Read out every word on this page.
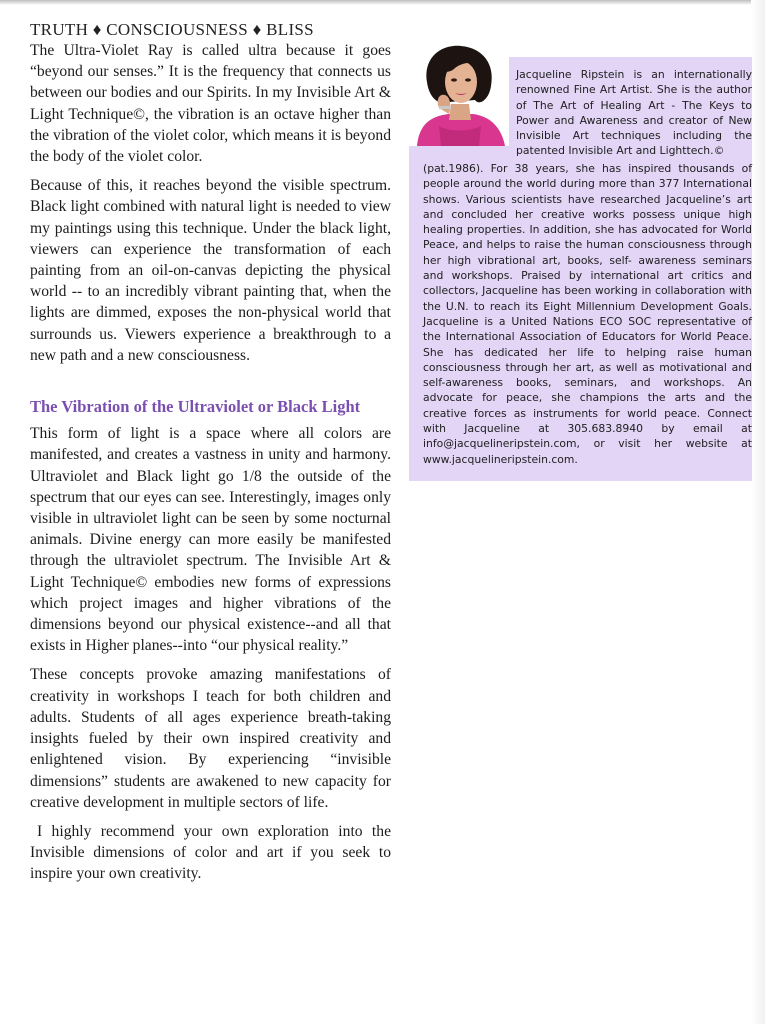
TRUTH ♦ CONSCIOUSNESS ♦ BLISS

The Ultra-Violet Ray is called ultra because it goes “beyond our senses.” It is the frequency that connects us between our bodies and our Spirits. In my Invisible Art & Light Technique©, the vibration is an octave higher than the vibration of the violet color, which means it is beyond the body of the violet color.

Because of this, it reaches beyond the visible spectrum. Black light combined with natural light is needed to view my paintings using this technique. Under the black light, viewers can experience the transformation of each painting from an oil-on-canvas depicting the physical world -- to an incredibly vibrant painting that, when the lights are dimmed, exposes the non-physical world that surrounds us. Viewers experience a breakthrough to a new path and a new consciousness.

The Vibration of the Ultraviolet or Black Light

This form of light is a space where all colors are manifested, and creates a vastness in unity and harmony. Ultraviolet and Black light go 1/8 the outside of the spectrum that our eyes can see. Interestingly, images only visible in ultraviolet light can be seen by some nocturnal animals. Divine energy can more easily be manifested through the ultraviolet spectrum. The Invisible Art & Light Technique© embodies new forms of expressions which project images and higher vibrations of the dimensions beyond our physical existence--and all that exists in Higher planes--into “our physical reality.”

These concepts provoke amazing manifestations of creativity in workshops I teach for both children and adults. Students of all ages experience breath-taking insights fueled by their own inspired creativity and enlightened vision. By experiencing “invisible dimensions” students are awakened to new capacity for creative development in multiple sectors of life.

I highly recommend your own exploration into the Invisible dimensions of color and art if you seek to inspire your own creativity.

Jacqueline Ripstein is an internationally renowned Fine Art Artist. She is the author of The Art of Healing Art - The Keys to Power and Awareness and creator of New Invisible Art techniques including the patented Invisible Art and Lighttech.©
(pat.1986). For 38 years, she has inspired thousands of people around the world during more than 377 International shows. Various scientists have researched Jacqueline’s art and concluded her creative works possess unique high healing properties. In addition, she has advocated for World Peace, and helps to raise the human consciousness through her high vibrational art, books, self- awareness seminars and workshops. Praised by international art critics and collectors, Jacqueline has been working in collaboration with the U.N. to reach its Eight Millennium Development Goals. Jacqueline is a United Nations ECO SOC representative of the International Association of Educators for World Peace. She has dedicated her life to helping raise human consciousness through her art, as well as motivational and self-awareness books, seminars, and workshops. An advocate for peace, she champions the arts and the creative forces as instruments for world peace. Connect with Jacqueline at 305.683.8940 by email at info@jacquelineripstein.com, or visit her website at www.jacquelineripstein.com.
